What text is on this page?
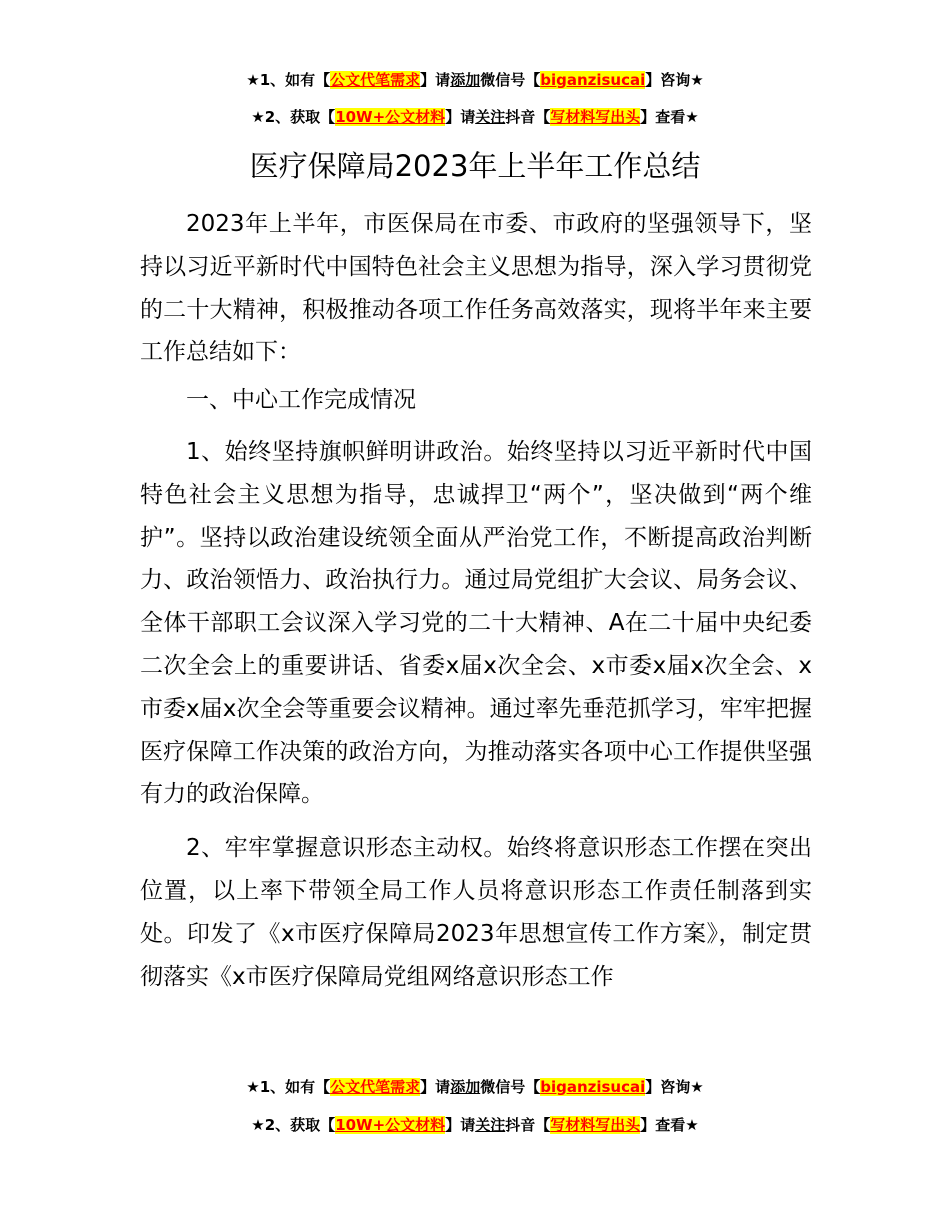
★1、如有【公文代笔需求】请添加微信号【biganzisucai】咨询★
★2、获取【10W+公文材料】请关注抖音【写材料写出头】查看★
医疗保障局2023年上半年工作总结

2023年上半年，市医保局在市委、市政府的坚强领导下，坚持以习近平新时代中国特色社会主义思想为指导，深入学习贯彻党的二十大精神，积极推动各项工作任务高效落实，现将半年来主要工作总结如下：

一、中心工作完成情况

1、始终坚持旗帜鲜明讲政治。始终坚持以习近平新时代中国特色社会主义思想为指导，忠诚捍卫“两个”，坚决做到“两个维护”。坚持以政治建设统领全面从严治党工作，不断提高政治判断力、政治领悟力、政治执行力。通过局党组扩大会议、局务会议、全体干部职工会议深入学习党的二十大精神、A在二十届中央纪委二次全会上的重要讲话、省委x届x次全会、x市委x届x次全会、x市委x届x次全会等重要会议精神。通过率先垂范抓学习，牢牢把握医疗保障工作决策的政治方向，为推动落实各项中心工作提供坚强有力的政治保障。

2、牢牢掌握意识形态主动权。始终将意识形态工作摆在突出位置，以上率下带领全局工作人员将意识形态工作责任制落到实处。印发了《x市医疗保障局2023年思想宣传工作方案》，制定贯彻落实《x市医疗保障局党组网络意识形态工作

★1、如有【公文代笔需求】请添加微信号【biganzisucai】咨询★
★2、获取【10W+公文材料】请关注抖音【写材料写出头】查看★
